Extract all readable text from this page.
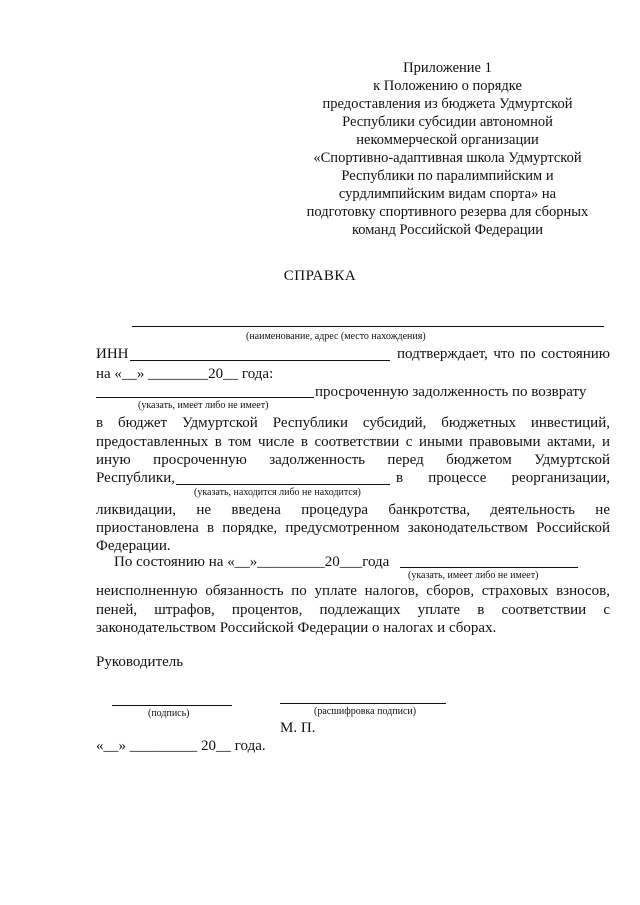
Приложение 1
к Положению о порядке
предоставления из бюджета Удмуртской
Республики субсидии автономной
некоммерческой организации
«Спортивно-адаптивная школа Удмуртской
Республики по паралимпийским и
сурдлимпийским видам спорта» на
подготовку спортивного резерва для сборных
команд Российской Федерации
СПРАВКА
(наименование, адрес (место нахождения)
ИНН	подтверждает, что по состоянию
на «__» ________20__ года:
просроченную задолженность по возврату
(указать, имеет либо не имеет)
в бюджет Удмуртской Республики субсидий, бюджетных инвестиций,
предоставленных в том числе в соответствии с иными правовыми актами, и
иную просроченную задолженность перед бюджетом Удмуртской
Республики,	в процессе реорганизации,
(указать, находится либо не находится)
ликвидации, не введена процедура банкротства, деятельность не
приостановлена в порядке, предусмотренном законодательством Российской
Федерации.
По состоянию на «__»_________20___года
(указать, имеет либо не имеет)
неисполненную обязанность по уплате налогов, сборов, страховых взносов,
пеней, штрафов, процентов, подлежащих уплате в соответствии с
законодательством Российской Федерации о налогах и сборах.
Руководитель
(подпись)	(расшифровка подписи)
М. П.
«__» _________ 20__ года.
